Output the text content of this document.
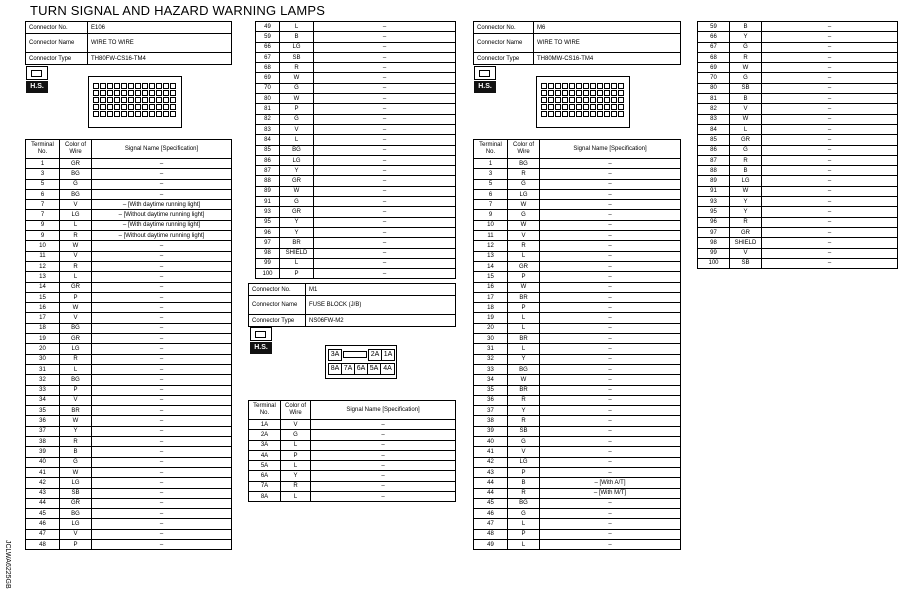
TURN SIGNAL AND HAZARD WARNING LAMPS
JCLWA6225GB
Connector No.	E106
Connector Name	WIRE TO WIRE
Connector Type	TH80FW-CS16-TM4
H.S.
Terminal No.	Color of Wire	Signal Name [Specification]
1	GR	–
3	BG	–
5	G	–
6	BG	–
7	V	– [With daytime running light]
7	LG	– [Without daytime running light]
9	L	– [With daytime running light]
9	R	– [Without daytime running light]
10	W	–
11	V	–
12	R	–
13	L	–
14	GR	–
15	P	–
16	W	–
17	V	–
18	BG	–
19	GR	–
20	LG	–
30	R	–
31	L	–
32	BG	–
33	P	–
34	V	–
35	BR	–
36	W	–
37	Y	–
38	R	–
39	B	–
40	G	–
41	W	–
42	LG	–
43	SB	–
44	GR	–
45	BG	–
46	LG	–
47	V	–
48	P	–
49	L	–
59	B	–
66	LG	–
67	SB	–
68	R	–
69	W	–
70	G	–
80	W	–
81	P	–
82	G	–
83	V	–
84	L	–
85	BG	–
86	LG	–
87	Y	–
88	GR	–
89	W	–
91	G	–
93	GR	–
95	Y	–
96	Y	–
97	BR	–
98	SHIELD	–
99	L	–
100	P	–
Connector No.	M1
Connector Name	FUSE BLOCK (J/B)
Connector Type	NS06FW-M2
H.S.
3A	2A 1A
8A 7A 6A 5A 4A
Terminal No.	Color of Wire	Signal Name [Specification]
1A	V	–
2A	G	–
3A	L	–
4A	P	–
5A	L	–
6A	Y	–
7A	R	–
8A	L	–
Connector No.	M6
Connector Name	WIRE TO WIRE
Connector Type	TH80MW-CS16-TM4
H.S.
Terminal No.	Color of Wire	Signal Name [Specification]
1	BG	–
3	R	–
5	G	–
6	LG	–
7	W	–
9	G	–
10	W	–
11	V	–
12	R	–
13	L	–
14	GR	–
15	P	–
16	W	–
17	BR	–
18	P	–
19	L	–
20	L	–
30	BR	–
31	L	–
32	Y	–
33	BG	–
34	W	–
35	BR	–
36	R	–
37	Y	–
38	R	–
39	SB	–
40	G	–
41	V	–
42	LG	–
43	P	–
44	B	– [With A/T]
44	R	– [With M/T]
45	BG	–
46	G	–
47	L	–
48	P	–
49	L	–
59	B	–
66	Y	–
67	G	–
68	R	–
69	W	–
70	G	–
80	SB	–
81	B	–
82	V	–
83	W	–
84	L	–
85	GR	–
86	G	–
87	R	–
88	B	–
89	LG	–
91	W	–
93	Y	–
95	Y	–
96	R	–
97	GR	–
98	SHIELD	–
99	V	–
100	SB	–
